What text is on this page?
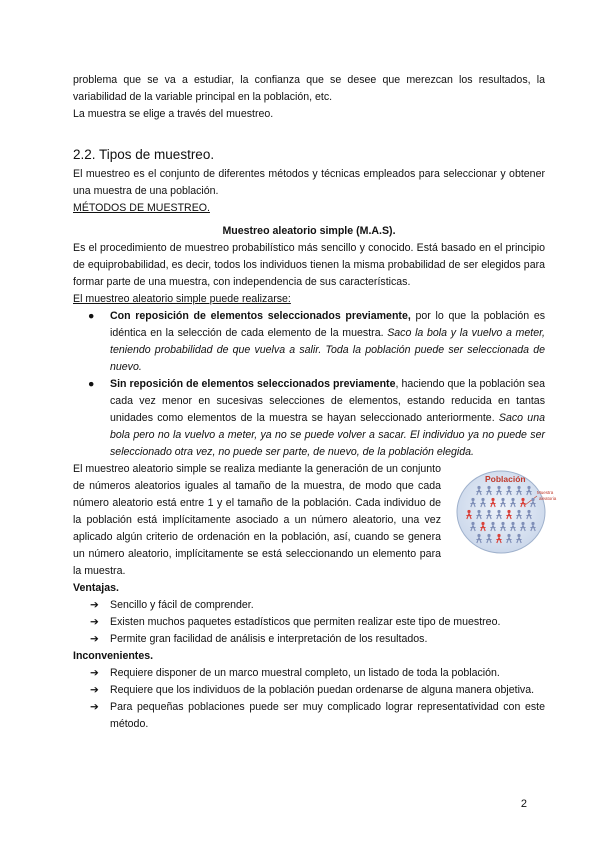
problema que se va a estudiar, la confianza que se desee que merezcan los resultados, la variabilidad de la variable principal en la población, etc.

La muestra se elige a través del muestreo.

2.2. Tipos de muestreo.

El muestreo es el conjunto de diferentes métodos y técnicas empleados para seleccionar y obtener una muestra de una población.

MÉTODOS DE MUESTREO.

Muestreo aleatorio simple (M.A.S).

Es el procedimiento de muestreo probabilístico más sencillo y conocido. Está basado en el principio de equiprobabilidad, es decir, todos los individuos tienen la misma probabilidad de ser elegidos para formar parte de una muestra, con independencia de sus características.

El muestreo aleatorio simple puede realizarse:

● Con reposición de elementos seleccionados previamente, por lo que la población es idéntica en la selección de cada elemento de la muestra. Saco la bola y la vuelvo a meter, teniendo probabilidad de que vuelva a salir. Toda la población puede ser seleccionada de nuevo.
● Sin reposición de elementos seleccionados previamente, haciendo que la población sea cada vez menor en sucesivas selecciones de elementos, estando reducida en tantas unidades como elementos de la muestra se hayan seleccionado anteriormente. Saco una bola pero no la vuelvo a meter, ya no se puede volver a sacar. El individuo ya no puede ser seleccionado otra vez, no puede ser parte, de nuevo, de la población elegida.

El muestreo aleatorio simple se realiza mediante la generación de un conjunto de números aleatorios iguales al tamaño de la muestra, de modo que cada número aleatorio está entre 1 y el tamaño de la población. Cada individuo de la población está implícitamente asociado a un número aleatorio, una vez aplicado algún criterio de ordenación en la población, así, cuando se genera un número aleatorio, implícitamente se está seleccionando un elemento para la muestra.

Población
Muestra
aleatoria

Ventajas.

➔ Sencillo y fácil de comprender.
➔ Existen muchos paquetes estadísticos que permiten realizar este tipo de muestreo.
➔ Permite gran facilidad de análisis e interpretación de los resultados.

Inconvenientes.

➔ Requiere disponer de un marco muestral completo, un listado de toda la población.
➔ Requiere que los individuos de la población puedan ordenarse de alguna manera objetiva.
➔ Para pequeñas poblaciones puede ser muy complicado lograr representatividad con este método.
2
